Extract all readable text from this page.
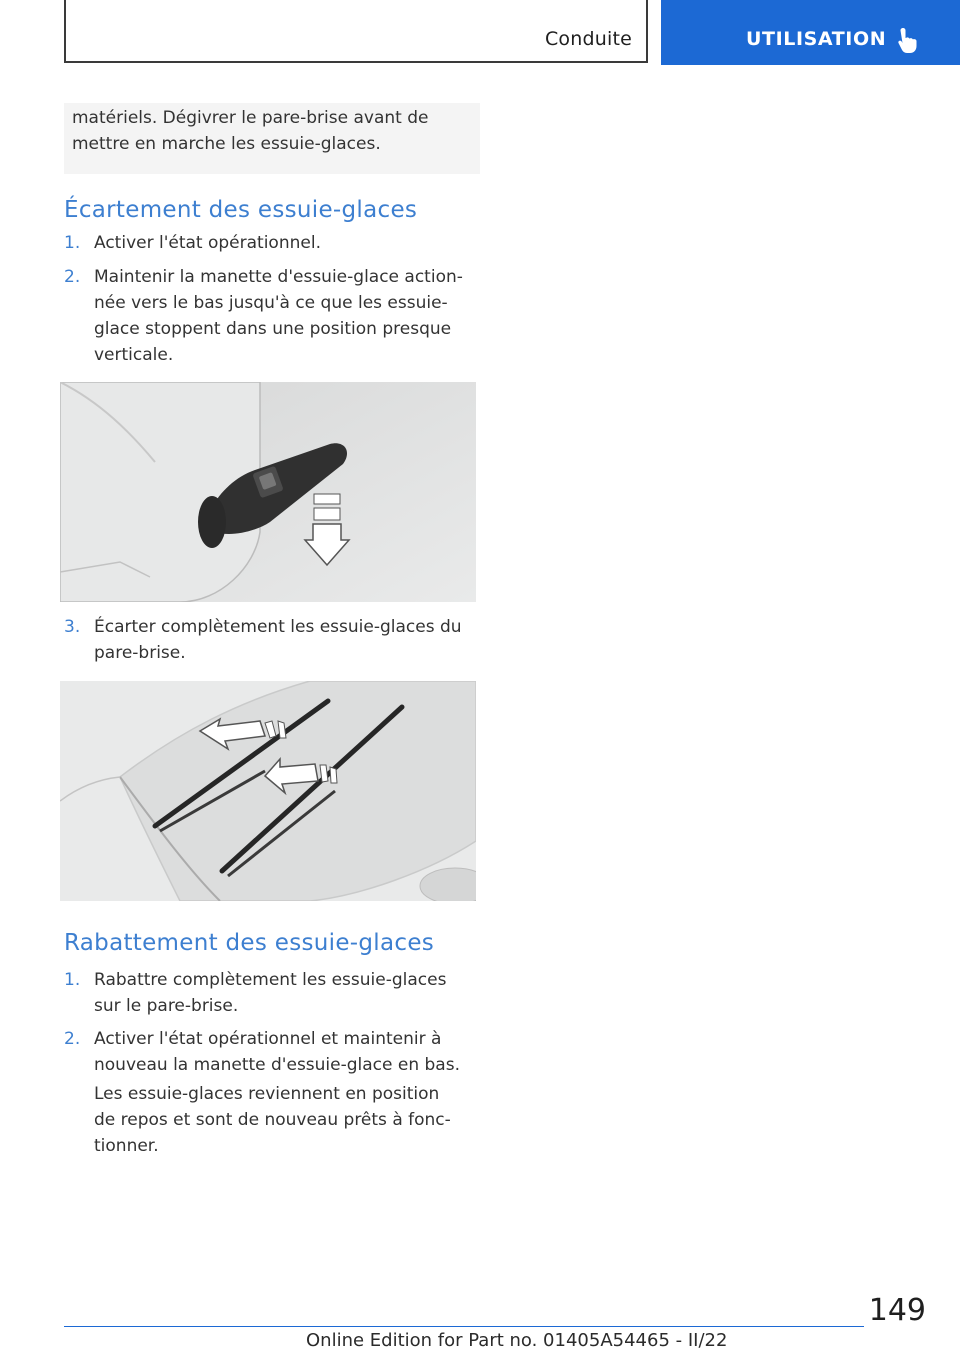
Conduite	UTILISATION

matériels. Dégivrer le pare-brise avant de
mettre en marche les essuie-glaces.

Écartement des essuie-glaces
1. Activer l'état opérationnel.
2. Maintenir la manette d'essuie-glace action-
née vers le bas jusqu'à ce que les essuie-
glace stoppent dans une position presque
verticale.
3. Écarter complètement les essuie-glaces du
pare-brise.
Rabattement des essuie-glaces
1. Rabattre complètement les essuie-glaces
sur le pare-brise.
2. Activer l'état opérationnel et maintenir à
nouveau la manette d'essuie-glace en bas.
Les essuie-glaces reviennent en position
de repos et sont de nouveau prêts à fonc-
tionner.
149
Online Edition for Part no. 01405A54465 - II/22
